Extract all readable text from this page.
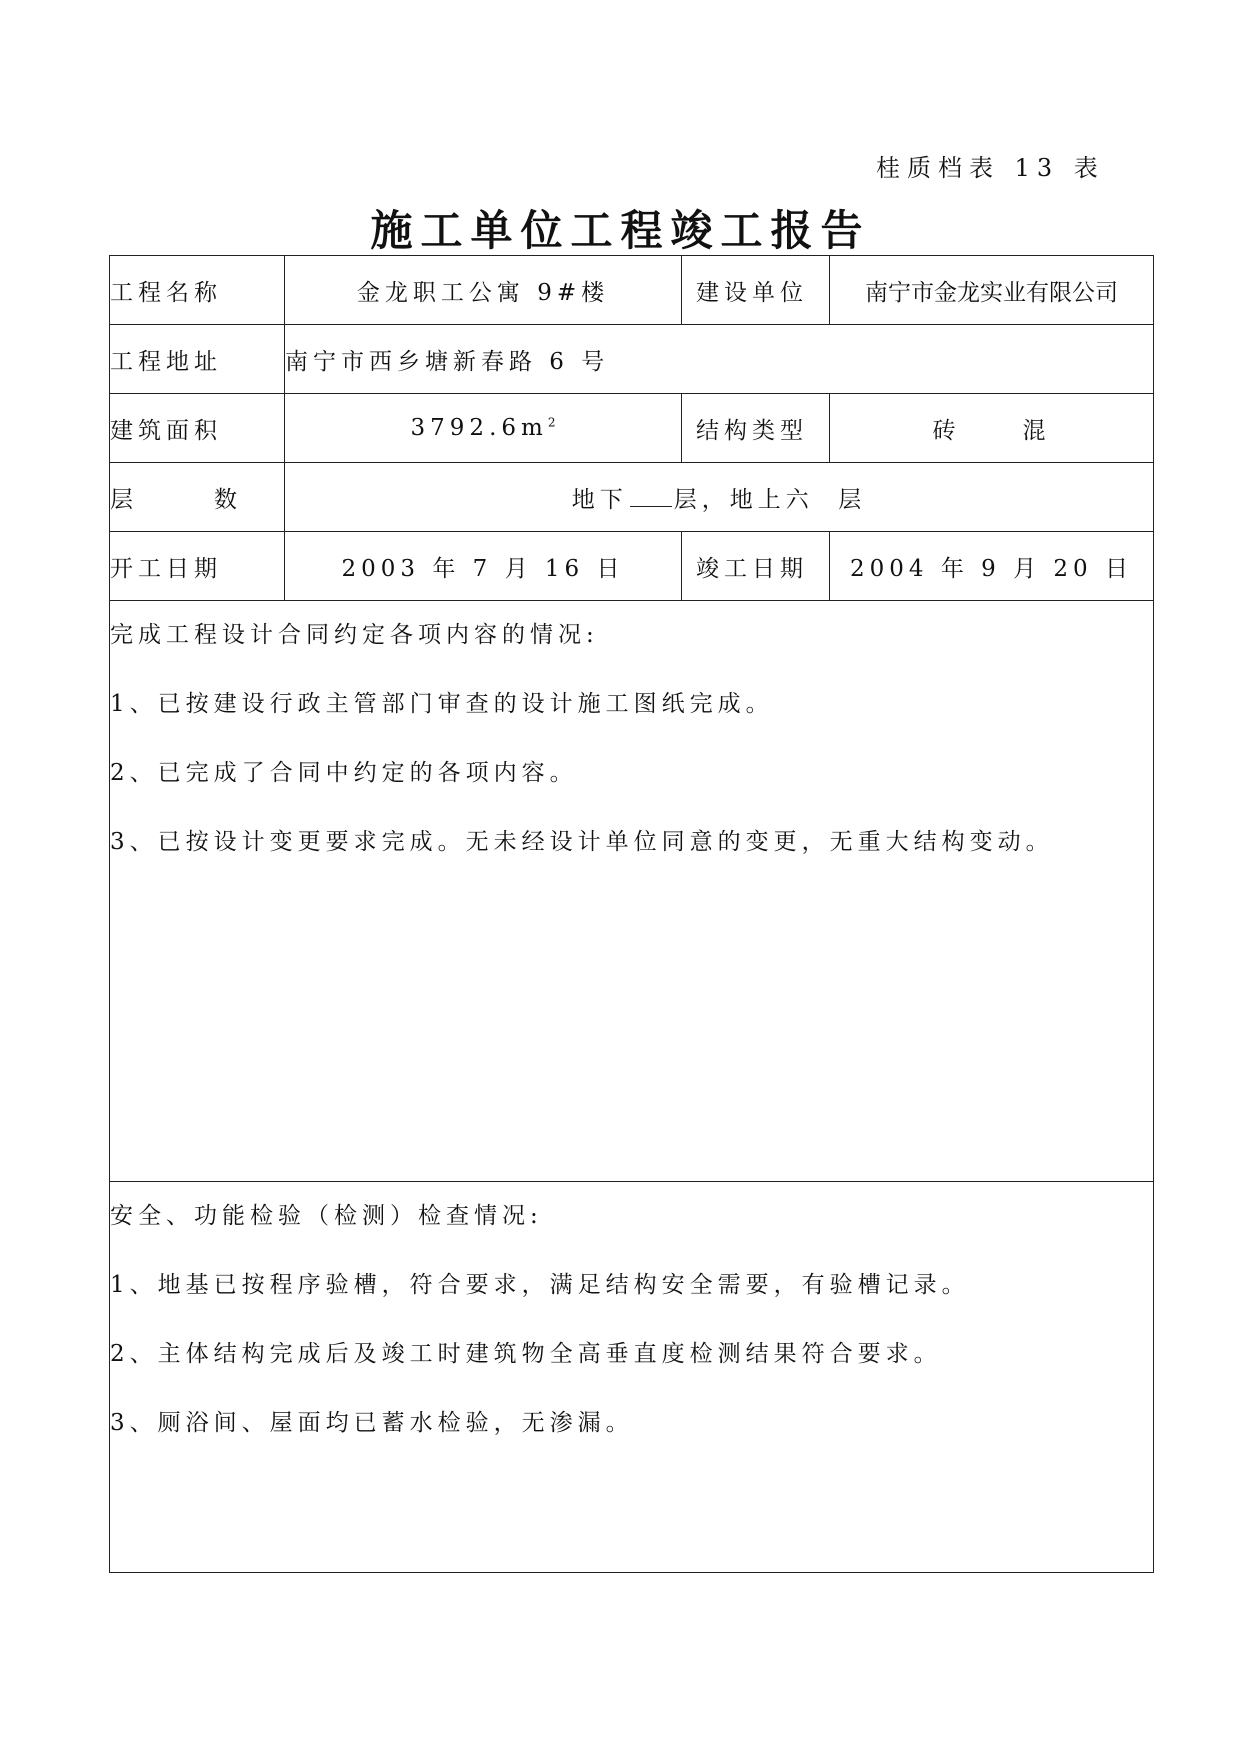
桂质档表 13 表
施工单位工程竣工报告
工程名称	金龙职工公寓 9#楼	建设单位	南宁市金龙实业有限公司
工程地址	南宁市西乡塘新春路 6 号		
建筑面积	$3792.6m^2$	结构类型	砖 混
层 数	地下 层，地上六  层		
开工日期	2003 年 7 月 16 日	竣工日期	2004 年 9 月 20 日

完成工程设计合同约定各项内容的情况:
1、已按建设行政主管部门审查的设计施工图纸完成。
2、已完成了合同中约定的各项内容。
3、已按设计变更要求完成。无未经设计单位同意的变更，无重大结构变动。			

安全、功能检验（检测）检查情况:
1、地基已按程序验槽，符合要求，满足结构安全需要，有验槽记录。
2、主体结构完成后及竣工时建筑物全高垂直度检测结果符合要求。
3、厕浴间、屋面均已蓄水检验，无渗漏。			
